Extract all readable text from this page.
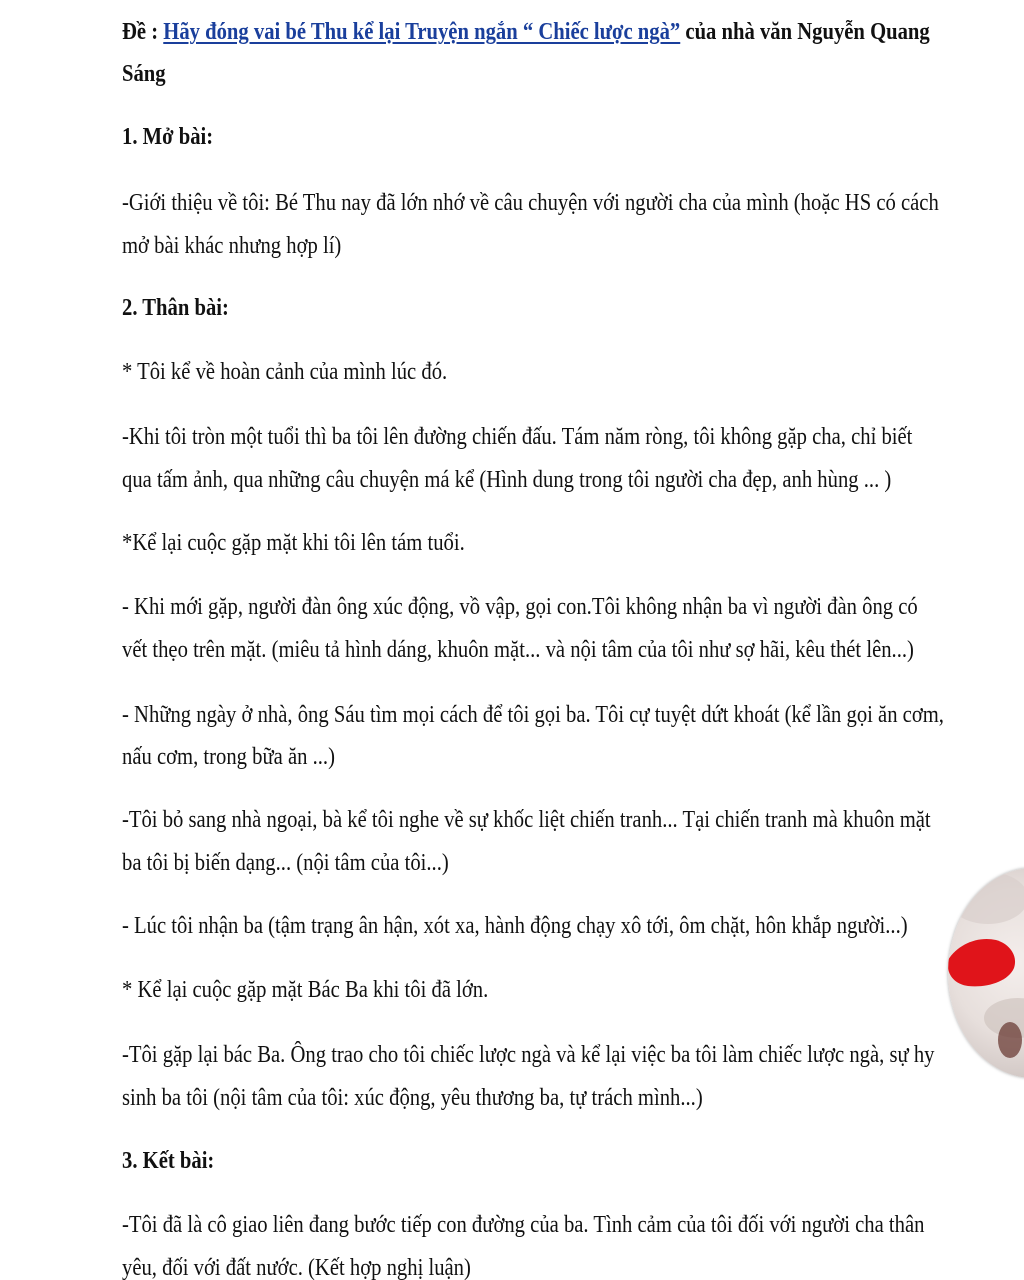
Đề : Hãy đóng vai bé Thu kể lại Truyện ngắn “ Chiếc lược ngà” của nhà văn Nguyễn Quang
Sáng
1. Mở bài:
-Giới thiệu về tôi: Bé Thu nay đã lớn nhớ về câu chuyện với người cha của mình (hoặc HS có cách
mở bài khác nhưng hợp lí)
2. Thân bài:
* Tôi kể về hoàn cảnh của mình lúc đó.
-Khi tôi tròn một tuổi thì ba tôi lên đường chiến đấu. Tám năm ròng, tôi không gặp cha, chỉ biết
qua tấm ảnh, qua những câu chuyện má kể (Hình dung trong tôi người cha đẹp, anh hùng ... )
*Kể lại cuộc gặp mặt khi tôi lên tám tuổi.
- Khi mới gặp, người đàn ông xúc động, vồ vập, gọi con.Tôi không nhận ba vì người đàn ông có
vết thẹo trên mặt. (miêu tả hình dáng, khuôn mặt... và nội tâm của tôi như sợ hãi, kêu thét lên...)
- Những ngày ở nhà, ông Sáu tìm mọi cách để tôi gọi ba. Tôi cự tuyệt dứt khoát (kể lần gọi ăn cơm,
nấu cơm, trong bữa ăn ...)
-Tôi bỏ sang nhà ngoại, bà kể tôi nghe về sự khốc liệt chiến tranh... Tại chiến tranh mà khuôn mặt
ba tôi bị biến dạng... (nội tâm của tôi...)
- Lúc tôi nhận ba (tậm trạng ân hận, xót xa, hành động chạy xô tới, ôm chặt, hôn khắp người...)
* Kể lại cuộc gặp mặt Bác Ba khi tôi đã lớn.
-Tôi gặp lại bác Ba. Ông trao cho tôi chiếc lược ngà và kể lại việc ba tôi làm chiếc lược ngà, sự hy
sinh ba tôi (nội tâm của tôi: xúc động, yêu thương ba, tự trách mình...)
3. Kết bài:
-Tôi đã là cô giao liên đang bước tiếp con đường của ba. Tình cảm của tôi đối với người cha thân
yêu, đối với đất nước. (Kết hợp nghị luận)
